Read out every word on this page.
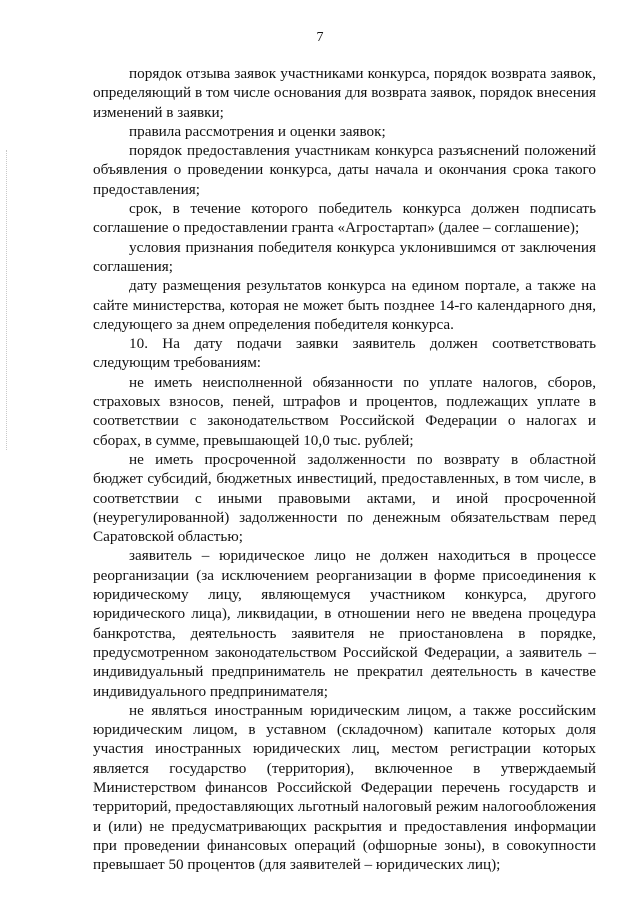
7

порядок отзыва заявок участниками конкурса, порядок возврата заявок, определяющий в том числе основания для возврата заявок, порядок внесения изменений в заявки;

правила рассмотрения и оценки заявок;

порядок предоставления участникам конкурса разъяснений положений объявления о проведении конкурса, даты начала и окончания срока такого предоставления;

срок, в течение которого победитель конкурса должен подписать соглашение о предоставлении гранта «Агростартап» (далее – соглашение);

условия признания победителя конкурса уклонившимся от заключения соглашения;

дату размещения результатов конкурса на едином портале, а также на сайте министерства, которая не может быть позднее 14-го календарного дня, следующего за днем определения победителя конкурса.

10. На дату подачи заявки заявитель должен соответствовать следующим требованиям:

не иметь неисполненной обязанности по уплате налогов, сборов, страховых взносов, пеней, штрафов и процентов, подлежащих уплате в соответствии с законодательством Российской Федерации о налогах и сборах, в сумме, превышающей 10,0 тыс. рублей;

не иметь просроченной задолженности по возврату в областной бюджет субсидий, бюджетных инвестиций, предоставленных, в том числе, в соответствии с иными правовыми актами, и иной просроченной (неурегулированной) задолженности по денежным обязательствам перед Саратовской областью;

заявитель – юридическое лицо не должен находиться в процессе реорганизации (за исключением реорганизации в форме присоединения к юридическому лицу, являющемуся участником конкурса, другого юридического лица), ликвидации, в отношении него не введена процедура банкротства, деятельность заявителя не приостановлена в порядке, предусмотренном законодательством Российской Федерации, а заявитель – индивидуальный предприниматель не прекратил деятельность в качестве индивидуального предпринимателя;

не являться иностранным юридическим лицом, а также российским юридическим лицом, в уставном (складочном) капитале которых доля участия иностранных юридических лиц, местом регистрации которых является государство (территория), включенное в утверждаемый Министерством финансов Российской Федерации перечень государств и территорий, предоставляющих льготный налоговый режим налогообложения и (или) не предусматривающих раскрытия и предоставления информации при проведении финансовых операций (офшорные зоны), в совокупности превышает 50 процентов (для заявителей – юридических лиц);
